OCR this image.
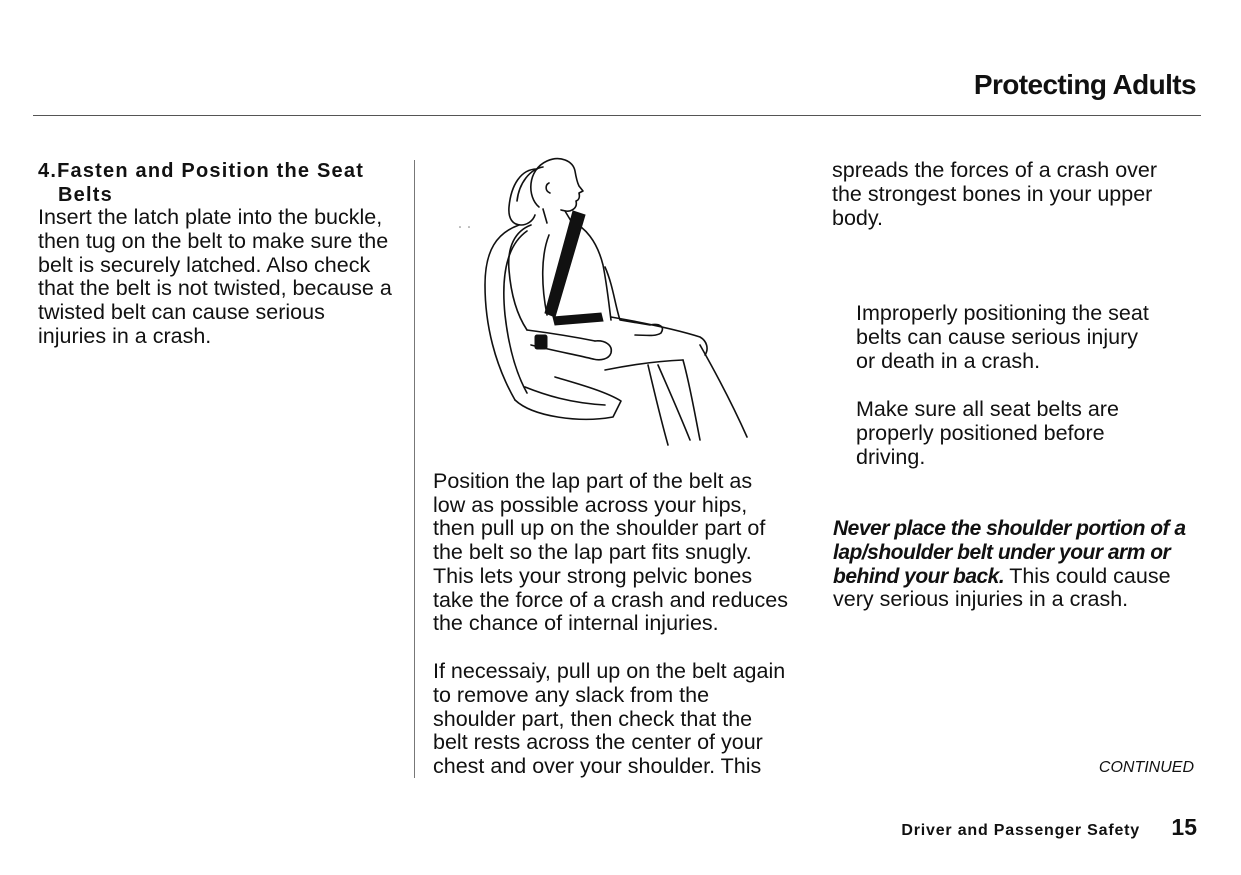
Protecting Adults
4.Fasten and Position the Seat
Belts
Insert the latch plate into the buckle,
then tug on the belt to make sure the
belt is securely latched. Also check
that the belt is not twisted, because a
twisted belt can cause serious
injuries in a crash.
Position the lap part of the belt as
low as possible across your hips,
then pull up on the shoulder part of
the belt so the lap part fits snugly.
This lets your strong pelvic bones
take the force of a crash and reduces
the chance of internal injuries.
If necessaiy, pull up on the belt again
to remove any slack from the
shoulder part, then check that the
belt rests across the center of your
chest and over your shoulder. This
spreads the forces of a crash over
the strongest bones in your upper
body.
Improperly positioning the seat
belts can cause serious injury
or death in a crash.
Make sure all seat belts are
properly positioned before
driving.
Never place the shoulder portion of a
lap/shoulder belt under your arm or
behind your back. This could cause
very serious injuries in a crash.
CONTINUED
Driver and Passenger Safety 15
